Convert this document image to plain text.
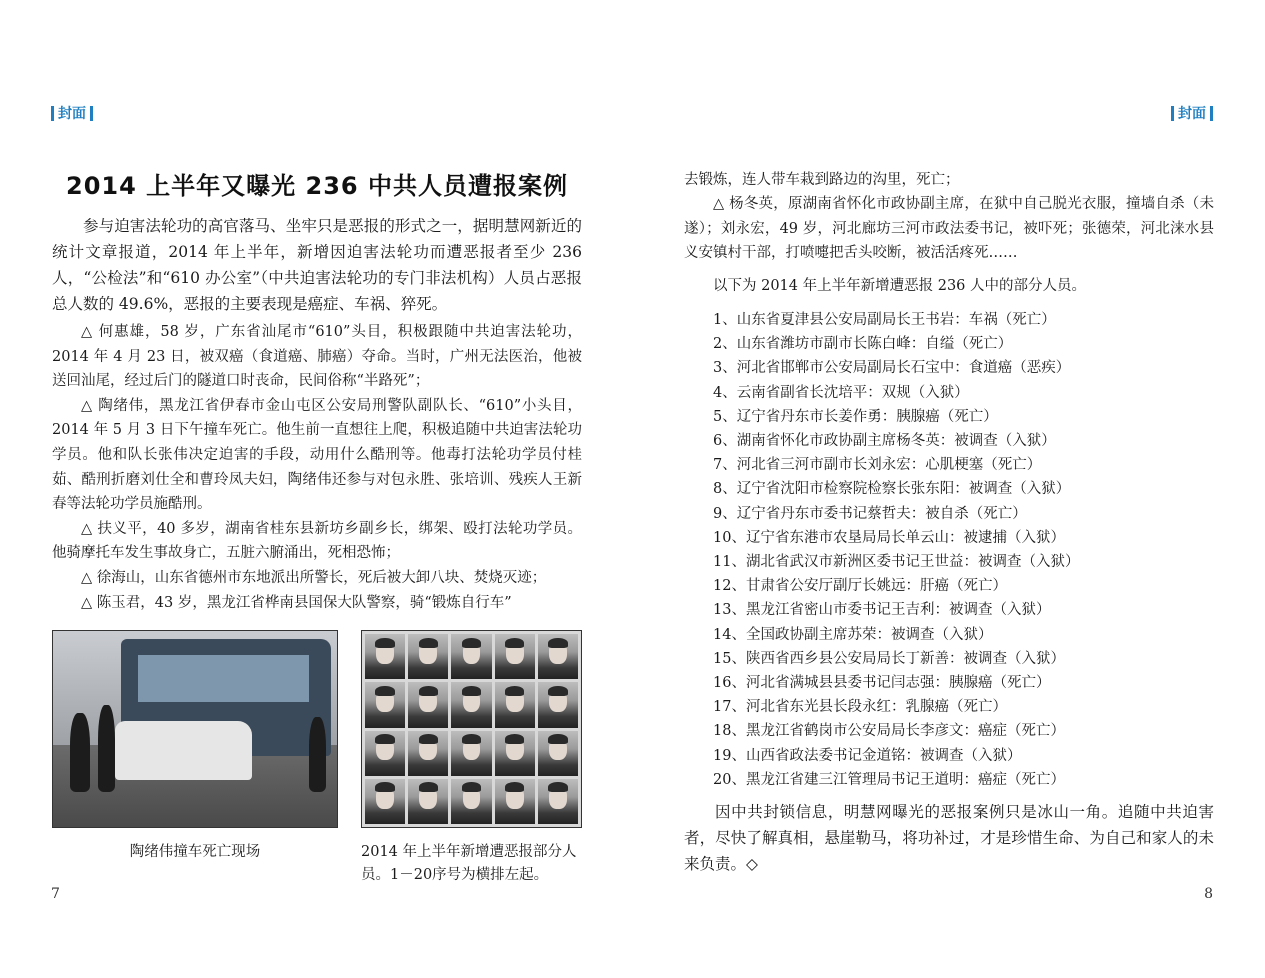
封面
2014 上半年又曝光 236 中共人员遭报案例

参与迫害法轮功的高官落马、坐牢只是恶报的形式之一，据明慧网新近的统计文章报道，2014 年上半年，新增因迫害法轮功而遭恶报者至少 236 人，“公检法”和“610 办公室”（中共迫害法轮功的专门非法机构）人员占恶报总人数的 49.6%，恶报的主要表现是癌症、车祸、猝死。

△ 何惠雄，58 岁，广东省汕尾市“610”头目，积极跟随中共迫害法轮功，2014 年 4 月 23 日，被双癌（食道癌、肺癌）夺命。当时，广州无法医治，他被送回汕尾，经过后门的隧道口时丧命，民间俗称“半路死”；

△ 陶绪伟，黑龙江省伊春市金山屯区公安局刑警队副队长、“610”小头目，2014 年 5 月 3 日下午撞车死亡。他生前一直想往上爬，积极追随中共迫害法轮功学员。他和队长张伟决定迫害的手段，动用什么酷刑等。他毒打法轮功学员付桂茹、酷刑折磨刘仕全和曹玲凤夫妇，陶绪伟还参与对包永胜、张培训、残疾人王新春等法轮功学员施酷刑。

△ 扶义平，40 多岁，湖南省桂东县新坊乡副乡长，绑架、殴打法轮功学员。他骑摩托车发生事故身亡，五脏六腑涌出，死相恐怖；

△ 徐海山，山东省德州市东地派出所警长，死后被大卸八块、焚烧灭迹；

△ 陈玉君，43 岁，黑龙江省桦南县国保大队警察，骑“锻炼自行车”

陶绪伟撞车死亡现场	2014 年上半年新增遭恶报部分人员。1－20序号为横排左起。
7
封面

去锻炼，连人带车栽到路边的沟里，死亡；

△ 杨冬英，原湖南省怀化市政协副主席，在狱中自己脱光衣服，撞墙自杀（未遂）；刘永宏，49 岁，河北廊坊三河市政法委书记，被吓死；张德荣，河北涞水县义安镇村干部，打喷嚏把舌头咬断，被活活疼死……

以下为 2014 年上半年新增遭恶报 236 人中的部分人员。

1、山东省夏津县公安局副局长王书岩：车祸（死亡）
2、山东省潍坊市副市长陈白峰：自缢（死亡）
3、河北省邯郸市公安局副局长石宝中：食道癌（恶疾）
4、云南省副省长沈培平：双规（入狱）
5、辽宁省丹东市长姜作勇：胰腺癌（死亡）
6、湖南省怀化市政协副主席杨冬英：被调查（入狱）
7、河北省三河市副市长刘永宏：心肌梗塞（死亡）
8、辽宁省沈阳市检察院检察长张东阳：被调查（入狱）
9、辽宁省丹东市委书记蔡哲夫：被自杀（死亡）
10、辽宁省东港市农垦局局长单云山：被逮捕（入狱）
11、湖北省武汉市新洲区委书记王世益：被调查（入狱）
12、甘肃省公安厅副厅长姚远：肝癌（死亡）
13、黑龙江省密山市委书记王吉利：被调查（入狱）
14、全国政协副主席苏荣：被调查（入狱）
15、陕西省西乡县公安局局长丁新善：被调查（入狱）
16、河北省满城县县委书记闫志强：胰腺癌（死亡）
17、河北省东光县长段永红：乳腺癌（死亡）
18、黑龙江省鹤岗市公安局局长李彦文：癌症（死亡）
19、山西省政法委书记金道铭：被调查（入狱）
20、黑龙江省建三江管理局书记王道明：癌症（死亡）

因中共封锁信息，明慧网曝光的恶报案例只是冰山一角。追随中共迫害者，尽快了解真相，悬崖勒马，将功补过，才是珍惜生命、为自己和家人的未来负责。◇

8
